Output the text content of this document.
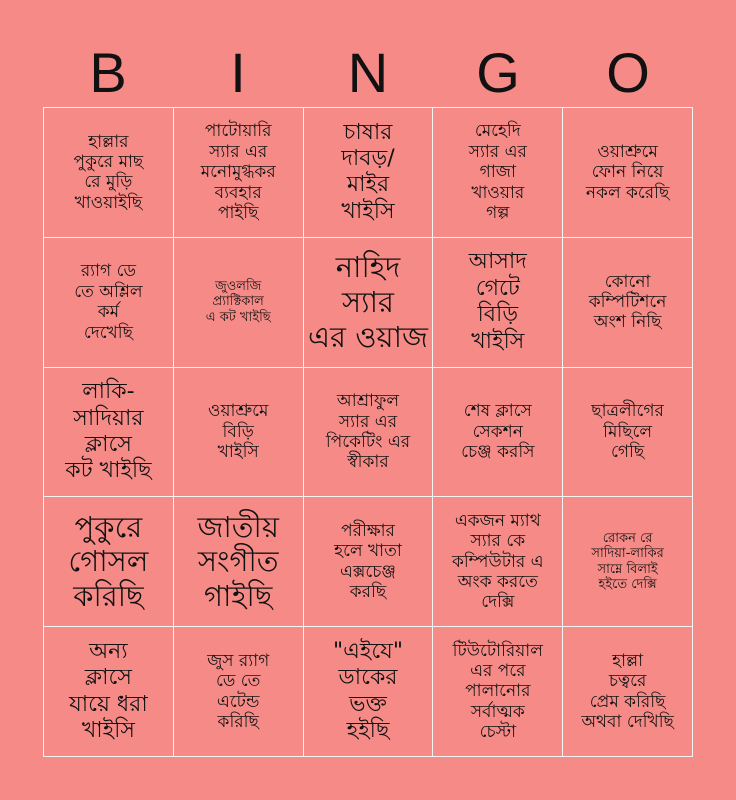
B	I	N	G	O
হাল্লার
পুকুরে মাছ
রে মুড়ি
খাওয়াইছি
পাটোয়ারি
স্যার এর
মনোমুগ্ধকর
ব্যবহার
পাইছি
চাষার
দাবড়/
মাইর
খাইসি
মেহেদি
স্যার এর
গাজা
খাওয়ার
গল্প
ওয়াশ্রুমে
ফোন নিয়ে
নকল করেছি
র‍্যাগ ডে
তে অশ্লিল
কর্ম
দেখেছি
জুওলজি
প্র্যাক্টিকাল
এ কট খাইছি
নাহিদ
স্যার
এর ওয়াজ
আসাদ
গেটে
বিড়ি
খাইসি
কোনো
কম্পিটিশনে
অংশ নিছি
লাকি-
সাদিয়ার
ক্লাসে
কট খাইছি
ওয়াশ্রুমে
বিড়ি
খাইসি
আশ্রাফুল
স্যার এর
পিকেটিং এর
স্বীকার
শেষ ক্লাসে
সেকশন
চেঞ্জ করসি
ছাত্রলীগের
মিছিলে
গেছি
পুকুরে
গোসল
করিছি
জাতীয়
সংগীত
গাইছি
পরীক্ষার
হলে খাতা
এক্সচেঞ্জ
করছি
একজন ম্যাথ
স্যার কে
কম্পিউটার এ
অংক করতে
দেক্সি
রোকন রে
সাদিয়া-লাকির
সাম্নে বিলাই
হইতে দেক্সি
অন্য
ক্লাসে
যায়ে ধরা
খাইসি
জুস র‍্যাগ
ডে তে
এটেন্ড
করিছি
"এইযে"
ডাকের
ভক্ত
হইছি
টিউটোরিয়াল
এর পরে
পালানোর
সর্বাত্মক
চেস্টা
হাল্লা
চত্বরে
প্রেম করিছি
অথবা দেখিছি
